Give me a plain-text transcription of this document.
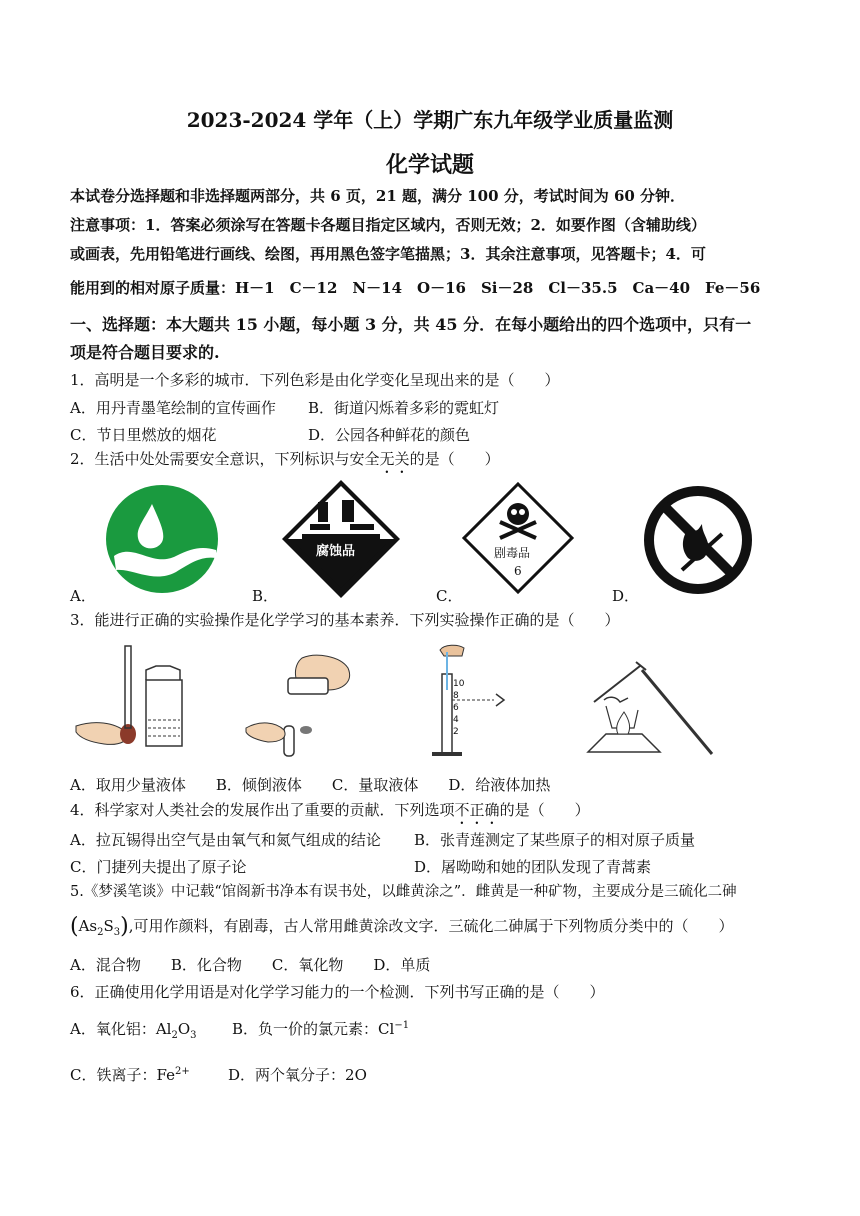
2023-2024 学年（上）学期广东九年级学业质量监测
化学试题
本试卷分选择题和非选择题两部分，共 6 页，21 题，满分 100 分，考试时间为 60 分钟．
注意事项：1．答案必须涂写在答题卡各题目指定区域内，否则无效；2．如要作图（含辅助线）
或画表，先用铅笔进行画线、绘图，再用黑色签字笔描黑；3．其余注意事项，见答题卡；4．可
能用到的相对原子质量：H－1　C－12　N－14　O－16　Si－28　Cl－35.5　Ca－40　Fe－56
一、选择题：本大题共 15 小题，每小题 3 分，共 45 分．在每小题给出的四个选项中，只有一
项是符合题目要求的.
1．高明是一个多彩的城市．下列色彩是由化学变化呈现出来的是（　　）
A．用丹青墨笔绘制的宣传画作 B．街道闪烁着多彩的霓虹灯
C．节日里燃放的烟花	D．公园各种鲜花的颜色
2．生活中处处需要安全意识，下列标识与安全无关的是（　　）
腐蚀品	剧毒品
6
A．	B．	C．	D．
3．能进行正确的实验操作是化学学习的基本素养．下列实验操作正确的是（　　）
10
8
6
4
2
A．取用少量液体　　B．倾倒液体　　C．量取液体　　D．给液体加热
4．科学家对人类社会的发展作出了重要的贡献．下列选项不正确的是（　　）
A．拉瓦锡得出空气是由氧气和氮气组成的结论 B．张青莲测定了某些原子的相对原子质量
C．门捷列夫提出了原子论	D．屠呦呦和她的团队发现了青蒿素
5.《梦溪笔谈》中记载“馆阁新书净本有误书处，以雌黄涂之”．雌黄是一种矿物，主要成分是三硫化二砷
$(As_2S_3)$,可用作颜料，有剧毒，古人常用雌黄涂改文字．三硫化二砷属于下列物质分类中的（　　）
A．混合物　　B．化合物　　C．氧化物　　D．单质
6．正确使用化学用语是对化学学习能力的一个检测．下列书写正确的是（　　）
A．氧化铝：$Al_2O_3$ B．负一价的氯元素：$Cl^{-1}$
C．铁离子：$Fe^{2+}$	D．两个氧分子：2O
